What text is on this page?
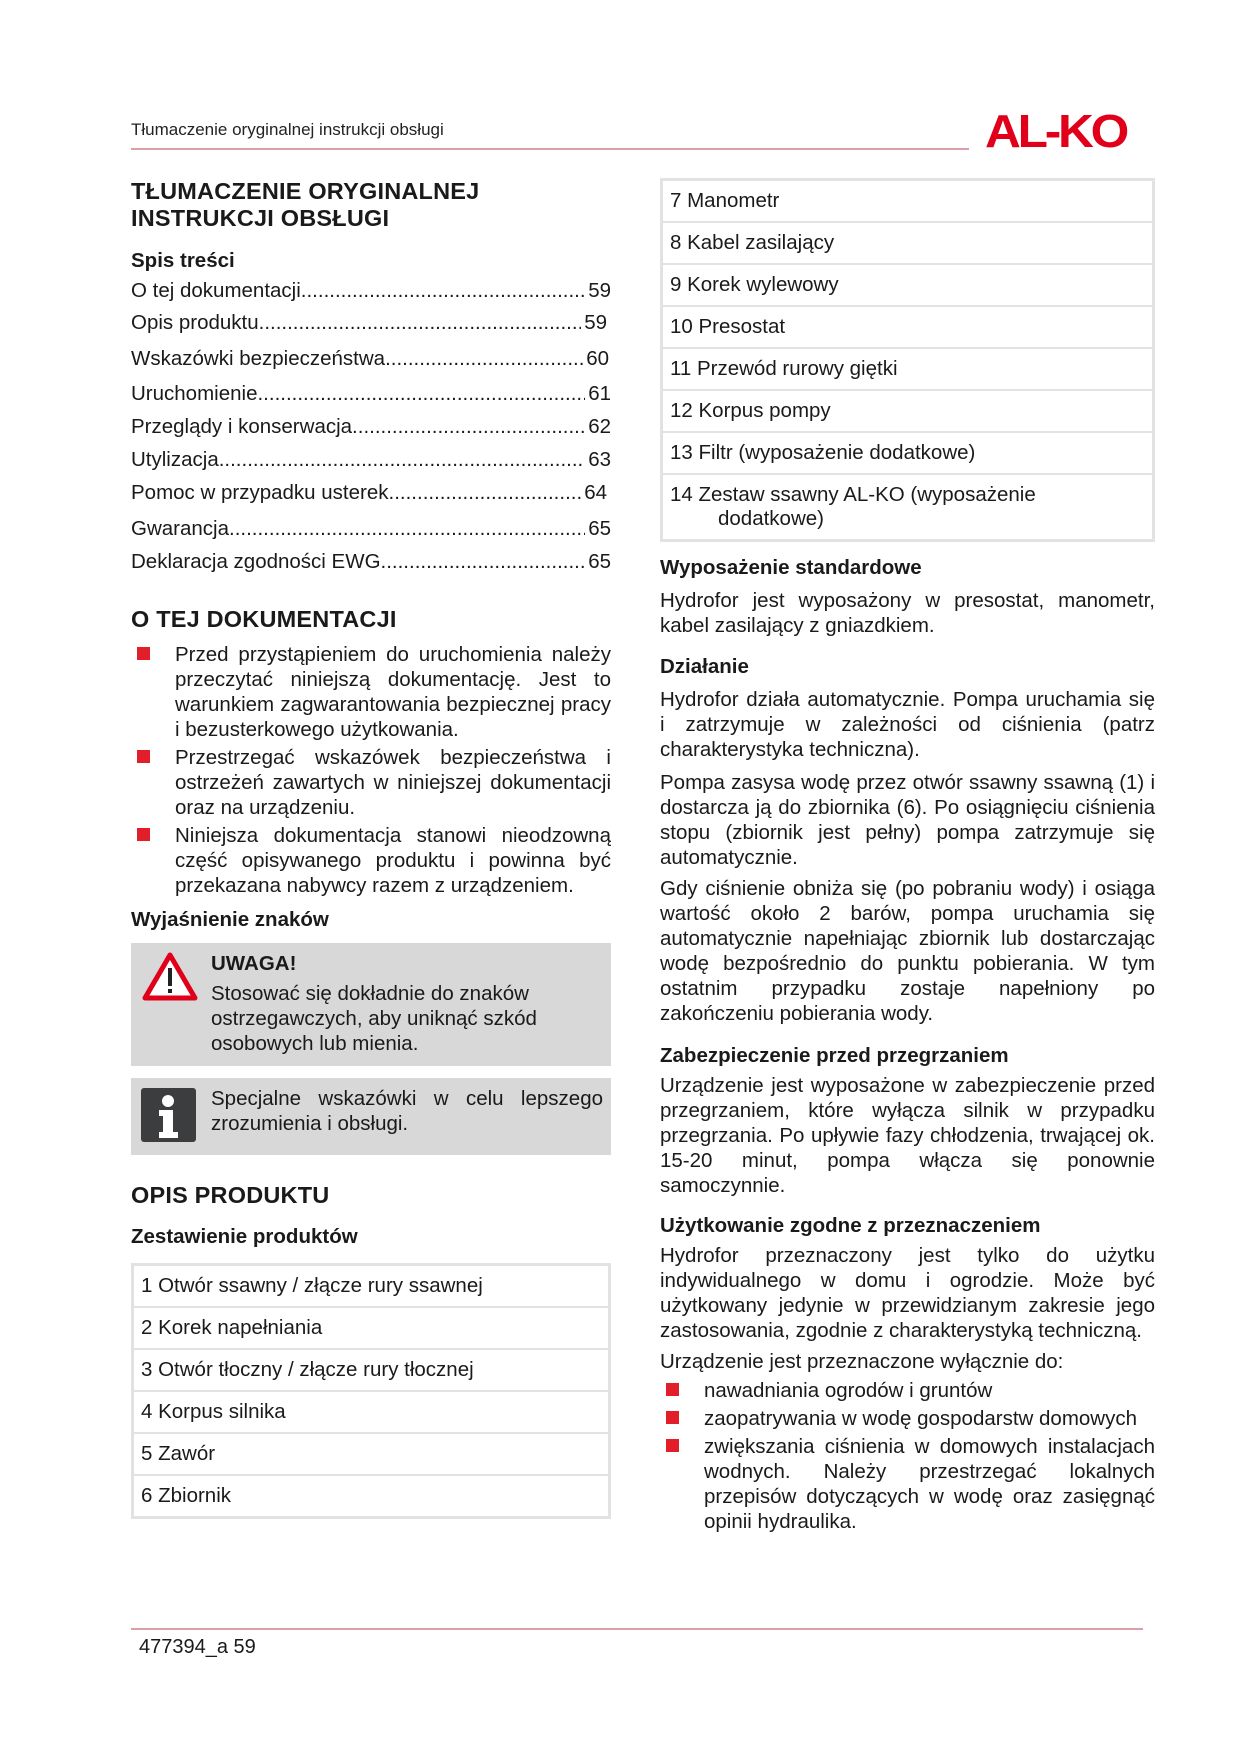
Tłumaczenie oryginalnej instrukcji obsługi	AL-KO
TŁUMACZENIE ORYGINALNEJ
INSTRUKCJI OBSŁUGI
Spis treści
O tej dokumentacji .....	59
Opis produktu .....	59
Wskazówki bezpieczeństwa .....	60
Uruchomienie .....	61
Przeglądy i konserwacja .....	62
Utylizacja .....	63
Pomoc w przypadku usterek .....	64
Gwarancja .....	65
Deklaracja zgodności EWG .....	65
O TEJ DOKUMENTACJI
Przed przystąpieniem do uruchomienia należy przeczytać niniejszą dokumentację. Jest to warunkiem zagwarantowania bezpiecznej pracy i bezusterkowego użytkowania.
Przestrzegać wskazówek bezpieczeństwa i ostrzeżeń zawartych w niniejszej dokumentacji oraz na urządzeniu.
Niniejsza dokumentacja stanowi nieodzowną część opisywanego produktu i powinna być przekazana nabywcy razem z urządzeniem.
Wyjaśnienie znaków
UWAGA!
Stosować się dokładnie do znaków ostrzegawczych, aby uniknąć szkód osobowych lub mienia.
Specjalne wskazówki w celu lepszego zrozumienia i obsługi.
OPIS PRODUKTU
Zestawienie produktów
1 Otwór ssawny / złącze rury ssawnej
2 Korek napełniania
3 Otwór tłoczny / złącze rury tłocznej
4 Korpus silnika
5 Zawór
6 Zbiornik
7 Manometr
8 Kabel zasilający
9 Korek wylewowy
10 Presostat
11 Przewód rurowy giętki
12 Korpus pompy
13 Filtr (wyposażenie dodatkowe)
14 Zestaw ssawny AL-KO (wyposażenie dodatkowe)
Wyposażenie standardowe

Hydrofor jest wyposażony w presostat, manometr, kabel zasilający z gniazdkiem.

Działanie

Hydrofor działa automatycznie. Pompa uruchamia się i zatrzymuje w zależności od ciśnienia (patrz charakterystyka techniczna).

Pompa zasysa wodę przez otwór ssawny ssawną (1) i dostarcza ją do zbiornika (6). Po osiągnięciu ciśnienia stopu (zbiornik jest pełny) pompa zatrzymuje się automatycznie.

Gdy ciśnienie obniża się (po pobraniu wody) i osiąga wartość około 2 barów, pompa uruchamia się automatycznie napełniając zbiornik lub dostarczając wodę bezpośrednio do punktu pobierania. W tym ostatnim przypadku zostaje napełniony po zakończeniu pobierania wody.

Zabezpieczenie przed przegrzaniem

Urządzenie jest wyposażone w zabezpieczenie przed przegrzaniem, które wyłącza silnik w przypadku przegrzania. Po upływie fazy chłodzenia, trwającej ok. 15-20 minut, pompa włącza się ponownie samoczynnie.

Użytkowanie zgodne z przeznaczeniem

Hydrofor przeznaczony jest tylko do użytku indywidualnego w domu i ogrodzie. Może być użytkowany jedynie w przewidzianym zakresie jego zastosowania, zgodnie z charakterystyką techniczną.

Urządzenie jest przeznaczone wyłącznie do:

nawadniania ogrodów i gruntów
zaopatrywania w wodę gospodarstw domowych
zwiększania ciśnienia w domowych instalacjach wodnych. Należy przestrzegać lokalnych przepisów dotyczących w wodę oraz zasięgnąć opinii hydraulika.
477394_a 59
